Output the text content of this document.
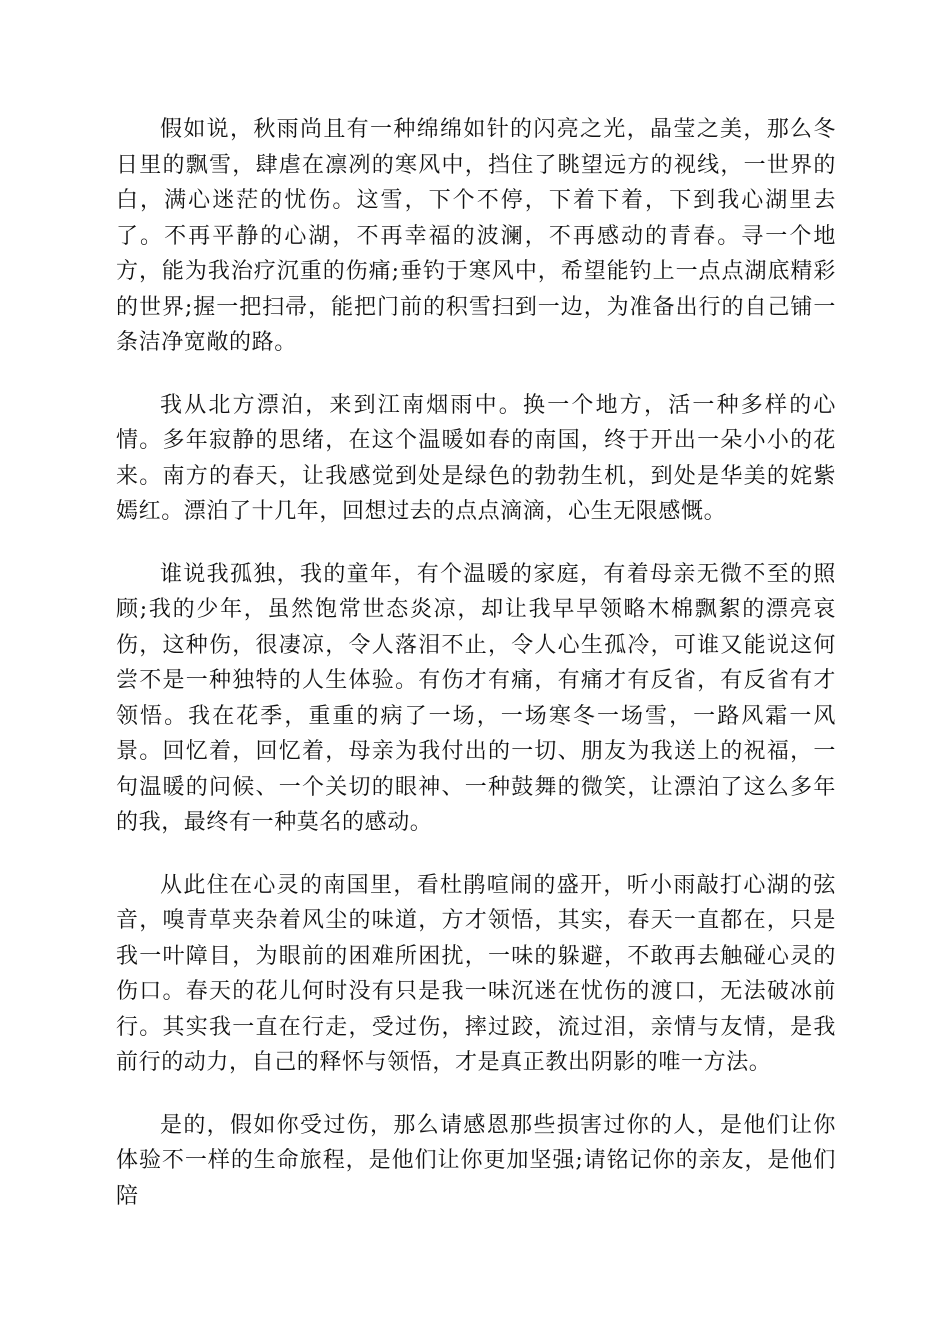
假如说，秋雨尚且有一种绵绵如针的闪亮之光，晶莹之美，那么冬日里的飘雪，肆虐在凛冽的寒风中，挡住了眺望远方的视线，一世界的白，满心迷茫的忧伤。这雪，下个不停，下着下着，下到我心湖里去了。不再平静的心湖，不再幸福的波澜，不再感动的青春。寻一个地方，能为我治疗沉重的伤痛;垂钓于寒风中，希望能钓上一点点湖底精彩的世界;握一把扫帚，能把门前的积雪扫到一边，为准备出行的自己铺一条洁净宽敞的路。

我从北方漂泊，来到江南烟雨中。换一个地方，活一种多样的心情。多年寂静的思绪，在这个温暖如春的南国，终于开出一朵小小的花来。南方的春天，让我感觉到处是绿色的勃勃生机，到处是华美的姹紫嫣红。漂泊了十几年，回想过去的点点滴滴，心生无限感慨。

谁说我孤独，我的童年，有个温暖的家庭，有着母亲无微不至的照顾;我的少年，虽然饱常世态炎凉，却让我早早领略木棉飘絮的漂亮哀伤，这种伤，很凄凉，令人落泪不止，令人心生孤冷，可谁又能说这何尝不是一种独特的人生体验。有伤才有痛，有痛才有反省，有反省有才领悟。我在花季，重重的病了一场，一场寒冬一场雪，一路风霜一风景。回忆着，回忆着，母亲为我付出的一切、朋友为我送上的祝福，一句温暖的问候、一个关切的眼神、一种鼓舞的微笑，让漂泊了这么多年的我，最终有一种莫名的感动。

从此住在心灵的南国里，看杜鹃喧闹的盛开，听小雨敲打心湖的弦音，嗅青草夹杂着风尘的味道，方才领悟，其实，春天一直都在，只是我一叶障目，为眼前的困难所困扰，一味的躲避，不敢再去触碰心灵的伤口。春天的花儿何时没有只是我一味沉迷在忧伤的渡口，无法破冰前行。其实我一直在行走，受过伤，摔过跤，流过泪，亲情与友情，是我前行的动力，自己的释怀与领悟，才是真正教出阴影的唯一方法。

是的，假如你受过伤，那么请感恩那些损害过你的人，是他们让你体验不一样的生命旅程，是他们让你更加坚强;请铭记你的亲友，是他们陪
